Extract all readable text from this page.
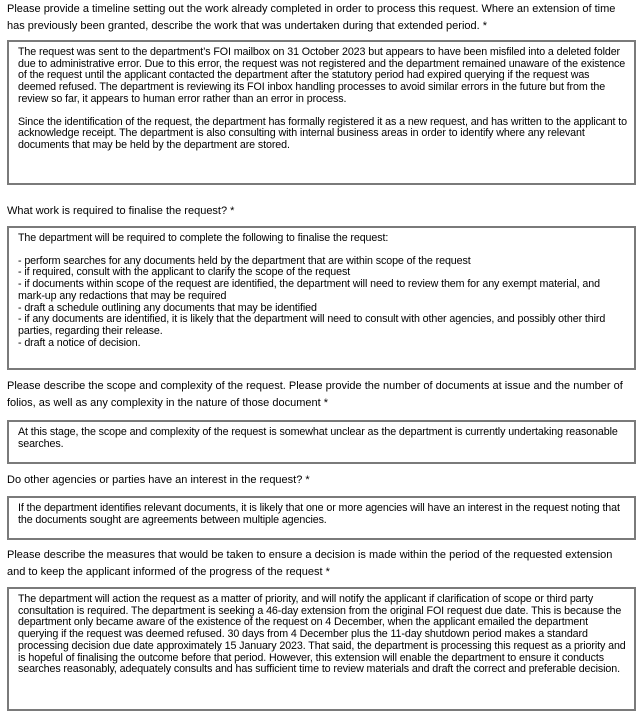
Please provide a timeline setting out the work already completed in order to process this request. Where an extension of time has previously been granted, describe the work that was undertaken during that extended period. *

The request was sent to the department’s FOI mailbox on 31 October 2023 but appears to have been misfiled into a deleted folder due to administrative error. Due to this error, the request was not registered and the department remained unaware of the existence of the request until the applicant contacted the department after the statutory period had expired querying if the request was deemed refused. The department is reviewing its FOI inbox handling processes to avoid similar errors in the future but from the review so far, it appears to human error rather than an error in process.

Since the identification of the request, the department has formally registered it as a new request, and has written to the applicant to acknowledge receipt. The department is also consulting with internal business areas in order to identify where any relevant documents that may be held by the department are stored.

What work is required to finalise the request? *

The department will be required to complete the following to finalise the request:

- perform searches for any documents held by the department that are within scope of the request
- if required, consult with the applicant to clarify the scope of the request
- if documents within scope of the request are identified, the department will need to review them for any exempt material, and mark-up any redactions that may be required
- draft a schedule outlining any documents that may be identified
- if any documents are identified, it is likely that the department will need to consult with other agencies, and possibly other third parties, regarding their release.
- draft a notice of decision.
Please describe the scope and complexity of the request. Please provide the number of documents at issue and the number of folios, as well as any complexity in the nature of those document *

At this stage, the scope and complexity of the request is somewhat unclear as the department is currently undertaking reasonable searches.

Do other agencies or parties have an interest in the request? *

If the department identifies relevant documents, it is likely that one or more agencies will have an interest in the request noting that the documents sought are agreements between multiple agencies.

Please describe the measures that would be taken to ensure a decision is made within the period of the requested extension and to keep the applicant informed of the progress of the request *

The department will action the request as a matter of priority, and will notify the applicant if clarification of scope or third party consultation is required. The department is seeking a 46-day extension from the original FOI request due date. This is because the department only became aware of the existence of the request on 4 December, when the applicant emailed the department querying if the request was deemed refused. 30 days from 4 December plus the 11-day shutdown period makes a standard processing decision due date approximately 15 January 2023. That said, the department is processing this request as a priority and is hopeful of finalising the outcome before that period. However, this extension will enable the department to ensure it conducts searches reasonably, adequately consults and has sufficient time to review materials and draft the correct and preferable decision.
